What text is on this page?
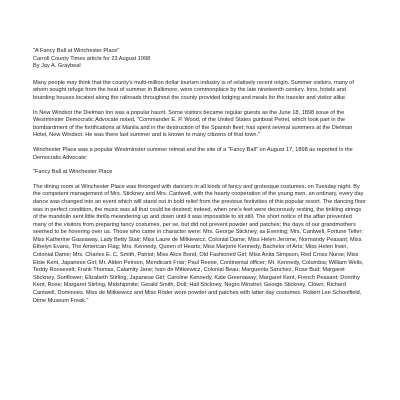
"A Fancy Ball at Winchester Place"

Carroll County Times article for 23 August 1998

By Jay A. Graybeal

Many people may think that the county's multi-million dollar tourism industry is of relatively recent origin. Summer visitors, many of whom sought refuge from the heat of summer in Baltimore, were commonplace by the late nineteenth century. Inns, hotels and boarding houses located along the railroads throughout the county provided lodging and meals for the traveler and visitor alike.

In New Windsor the Dielman Inn was a popular haunt. Some visitors became regular guests as the June 18, 1898 issue of the Westminster Democratic Advocate noted, "Commander E. P. Wood, of the United States gunboat Petrel, which took part in the bombardment of the fortifications at Manila and in the destruction of the Spanish fleet; has spent several summers at the Dielman Hotel, New Windsor. He was there last summer and is known to many citizens of that town."

Winchester Place was a popular Westminster summer retreat and the site of a "Fancy Ball" on August 17, 1898 as reported in the Democratic Advocate:

"Fancy Ball at Winchester Place

The dining room at Winchester Place was thronged with dancers in all kinds of fancy and grotesque costumes, on Tuesday night. By the competent management of Mrs. Stickney and Mrs. Cantwell, with the hearty cooperation of the young men, an ordinary, every day dance was changed into an event which will stand out in bold relief from the previous festivities of this popular resort. The dancing floor was in perfect condition, the music was all that could be desired; indeed, when one's feet were decorously resting, the tinkling strings of the mandolin sent little thrills meandering up and down until it was impossible to sit still. The short notice of the affair prevented many of the visitors from preparing fancy costumes, per se, but did not prevent powder and patches; the days of our grandmothers seemed to be hovering over us. Those who came in character were: Mrs. George Stickney, as Evening; Mrs. Cantwell, Fortune Teller; Miss Katherine Gassaway, Lady Betty Stair; Miss Laure de Mitkiewicz, Colonial Dame; Miss Helen Jerome, Normandy Peasant; Miss Ethelyn Evans, The American Flag; Mrs. Kennedy, Queen of Hearts; Miss Marjorie Kennedy, Bachelor of Arts; Miss Helen Irwin, Colonial Dame; Mrs. Charles E. C. Smith, Patriot; Miss Alice Bond, Old Fashioned Girl; Miss Anita Simpson, Red Cross Nurse; Miss Elsie Kent, Japanese Girl; Mr. Alden Peirson, Mendicant Friar; Paul Reese, Continental officer; Mr. Kennedy, Columbia; William Wells, Teddy Roosevelt; Frank Thomas, Calamity Jane; Ivan de Mitkiewicz, Colonial Beau; Marguerita Sanchez, Rose Bud; Margaret Stickney, Sunflower; Elizabeth Stirling, Japanese Girl; Caroline Kennedy, Kate Greenaway; Margaret Kent, French Peasant; Dorothy Kent, Rose; Margaret Stirling, Midshipmite; Gerald Smith, Doll; Hall Stickney, Negro Minstrel; George Stickney, Clown; Richard Cantwell, Dominoes. Miss de Mitkiewicz and Miss Roder wore powder and patches with latter day costumes. Robert Lee Schoolfield, Dime Museum Freak."
